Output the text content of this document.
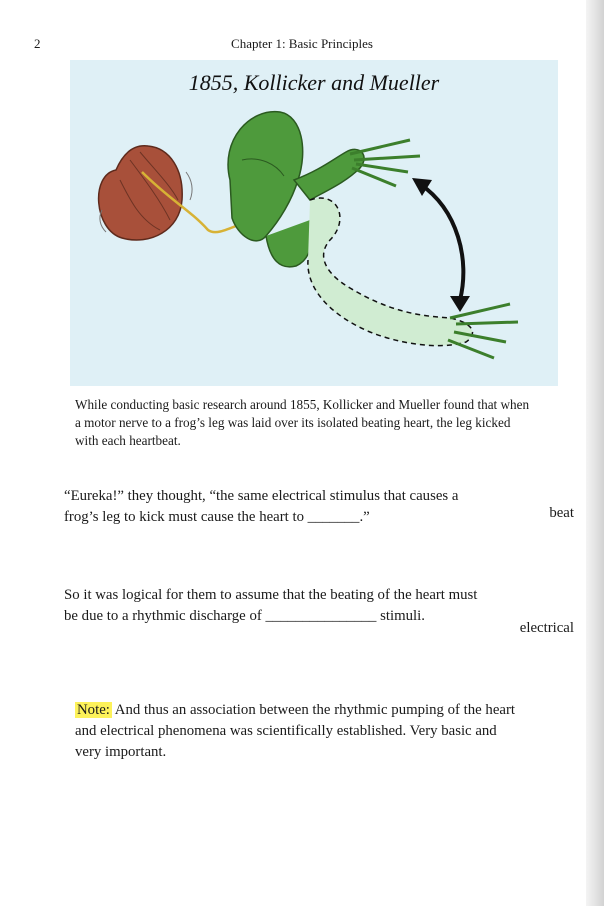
2	Chapter 1: Basic Principles
1855, Kollicker and Mueller
While conducting basic research around 1855, Kollicker and Mueller found that when a motor nerve to a frog’s leg was laid over its isolated beating heart, the leg kicked with each heartbeat.
“Eureka!” they thought, “the same electrical stimulus that causes a frog’s leg to kick must cause the heart to _______.”	beat
So it was logical for them to assume that the beating of the heart must be due to a rhythmic discharge of _______________ stimuli.
electrical
Note: And thus an association between the rhythmic pumping of the heart and electrical phenomena was scientifically established. Very basic and very important.
